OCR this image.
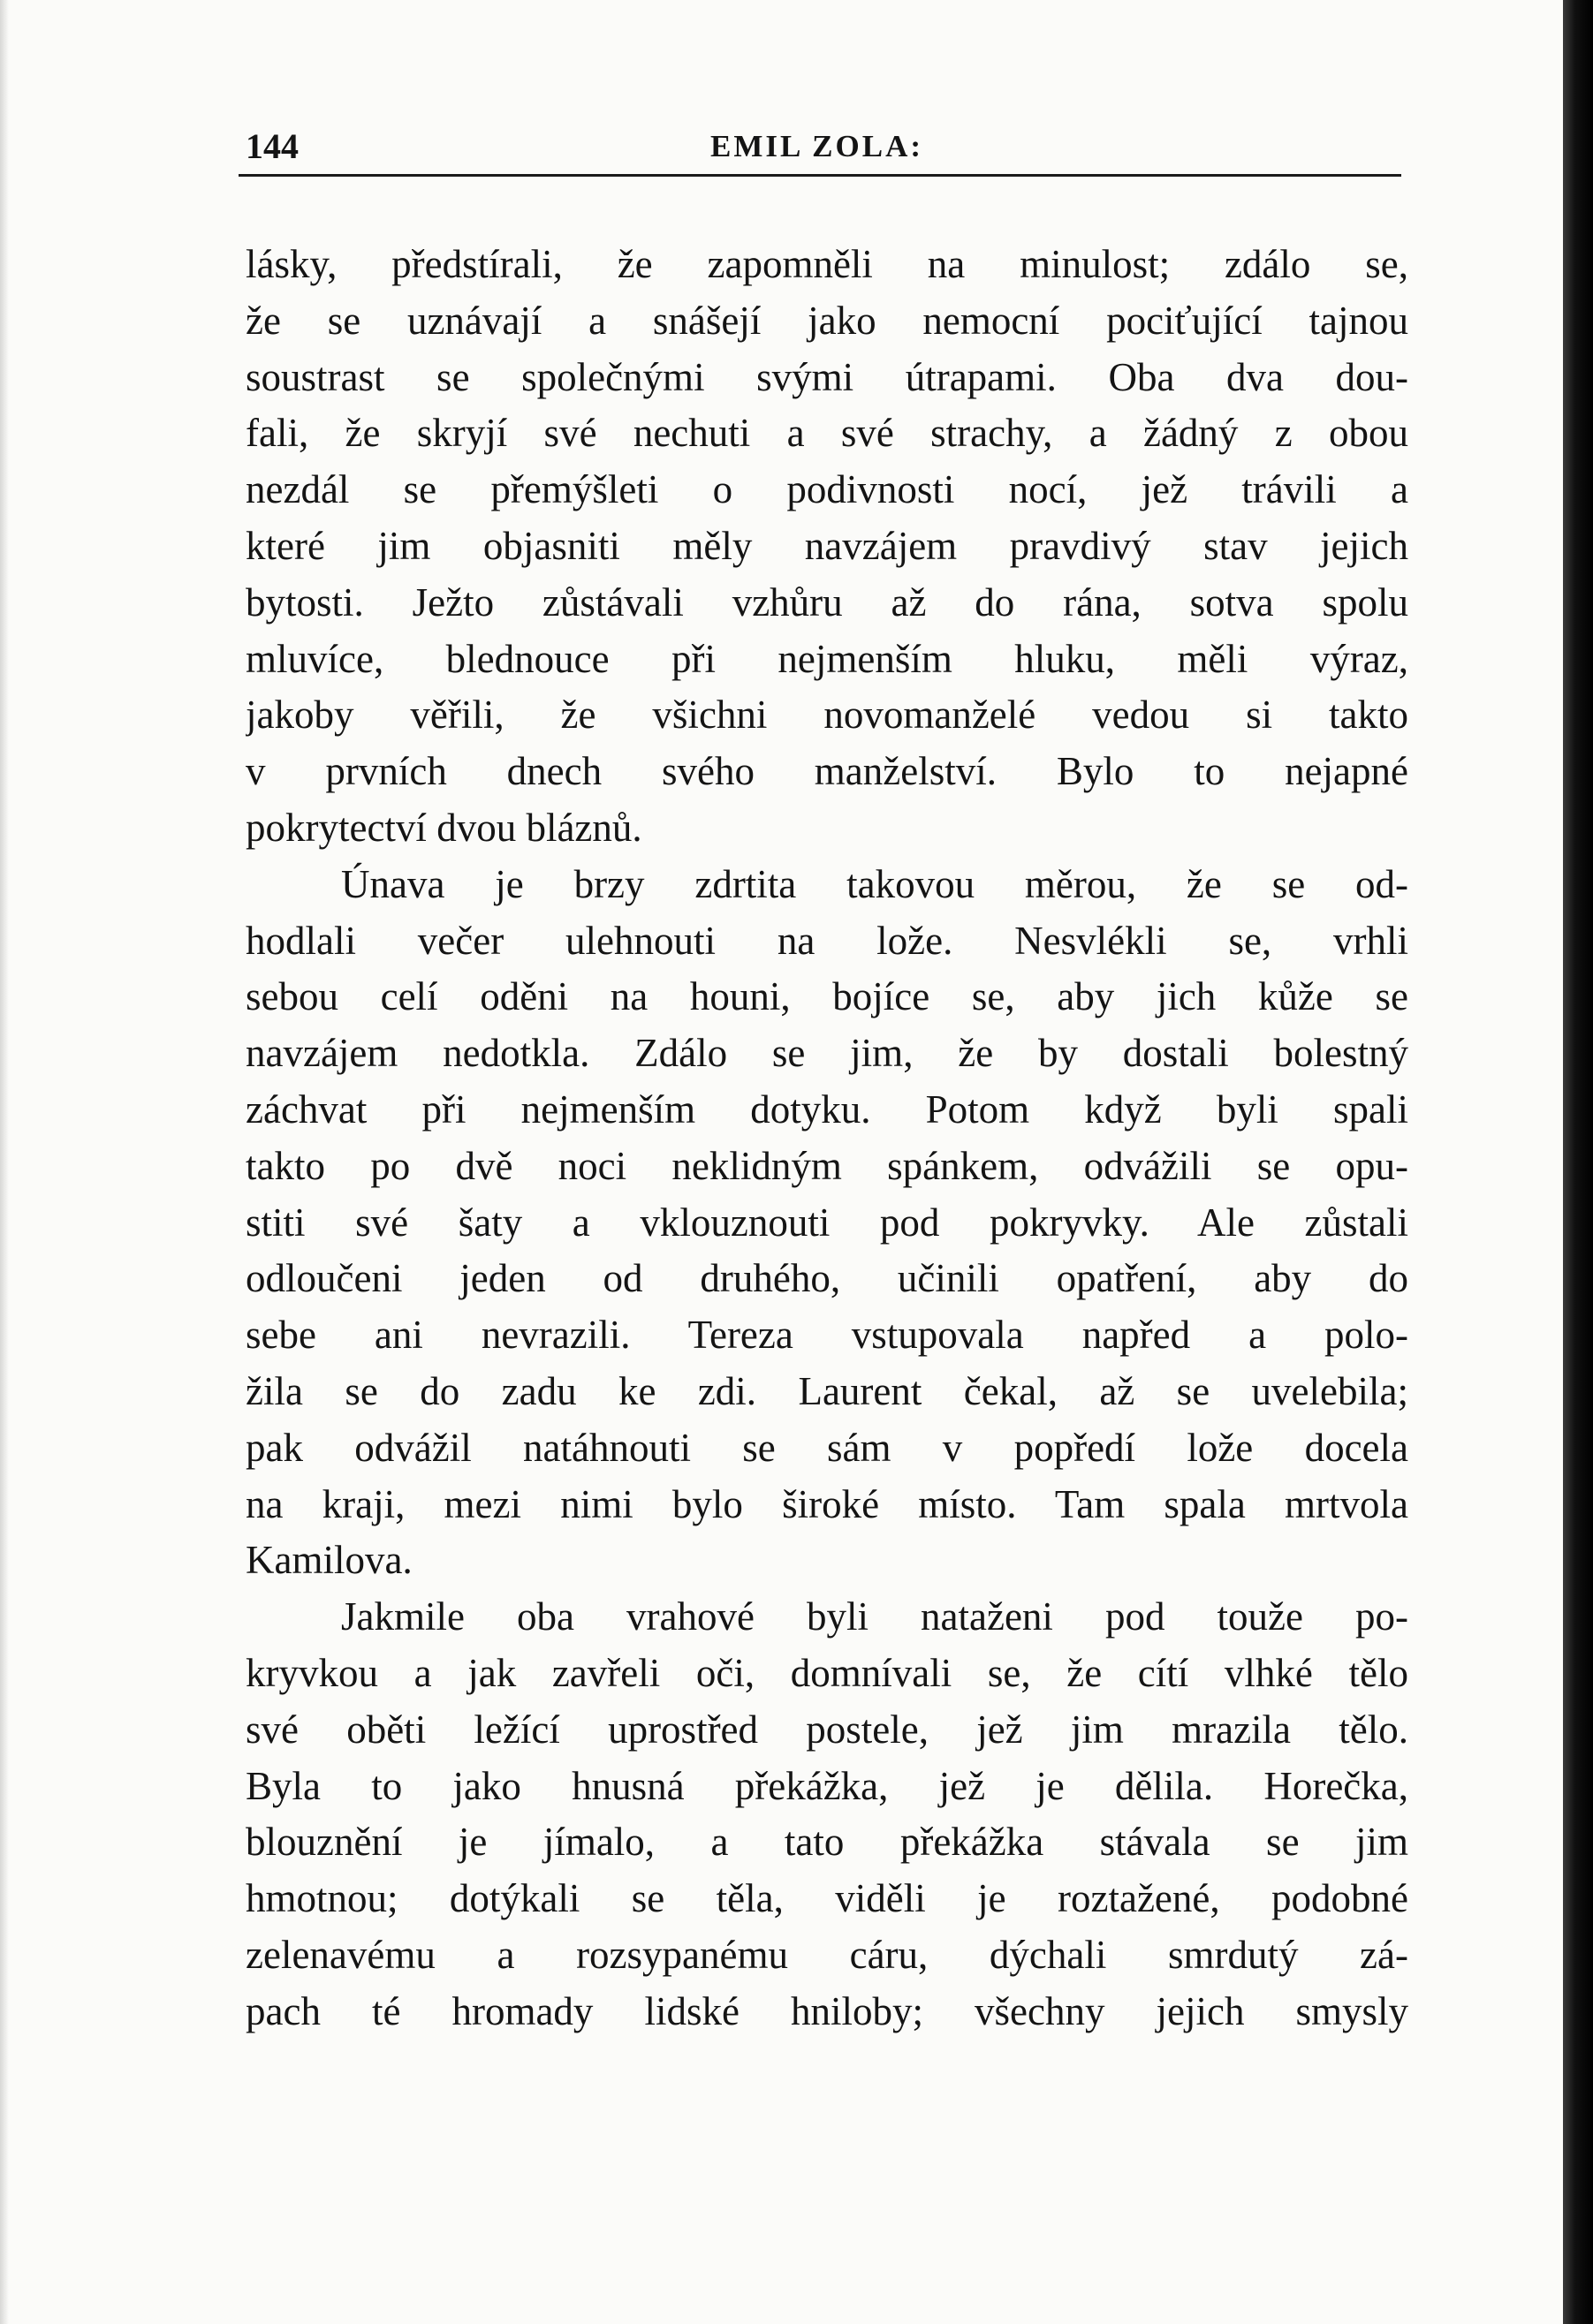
144	EMIL ZOLA:
lásky, předstírali, že zapomněli na minulost; zdálo se,
že se uznávají a snášejí jako nemocní pociťující tajnou
soustrast se společnými svými útrapami. Oba dva dou-
fali, že skryjí své nechuti a své strachy, a žádný z obou
nezdál se přemýšleti o podivnosti nocí, jež trávili a
které jim objasniti měly navzájem pravdivý stav jejich
bytosti. Ježto zůstávali vzhůru až do rána, sotva spolu
mluvíce, blednouce při nejmenším hluku, měli výraz,
jakoby věřili, že všichni novomanželé vedou si takto
v prvních dnech svého manželství. Bylo to nejapné
pokrytectví dvou bláznů.
Únava je brzy zdrtita takovou měrou, že se od-
hodlali večer ulehnouti na lože. Nesvlékli se, vrhli
sebou celí oděni na houni, bojíce se, aby jich kůže se
navzájem nedotkla. Zdálo se jim, že by dostali bolestný
záchvat při nejmenším dotyku. Potom když byli spali
takto po dvě noci neklidným spánkem, odvážili se opu-
stiti své šaty a vklouznouti pod pokryvky. Ale zůstali
odloučeni jeden od druhého, učinili opatření, aby do
sebe ani nevrazili. Tereza vstupovala napřed a polo-
žila se do zadu ke zdi. Laurent čekal, až se uvelebila;
pak odvážil natáhnouti se sám v popředí lože docela
na kraji, mezi nimi bylo široké místo. Tam spala mrtvola
Kamilova.
Jakmile oba vrahové byli nataženi pod touže po-
kryvkou a jak zavřeli oči, domnívali se, že cítí vlhké tělo
své oběti ležící uprostřed postele, jež jim mrazila tělo.
Byla to jako hnusná překážka, jež je dělila. Horečka,
blouznění je jímalo, a tato překážka stávala se jim
hmotnou; dotýkali se těla, viděli je roztažené, podobné
zelenavému a rozsypanému cáru, dýchali smrdutý zá-
pach té hromady lidské hniloby; všechny jejich smysly
